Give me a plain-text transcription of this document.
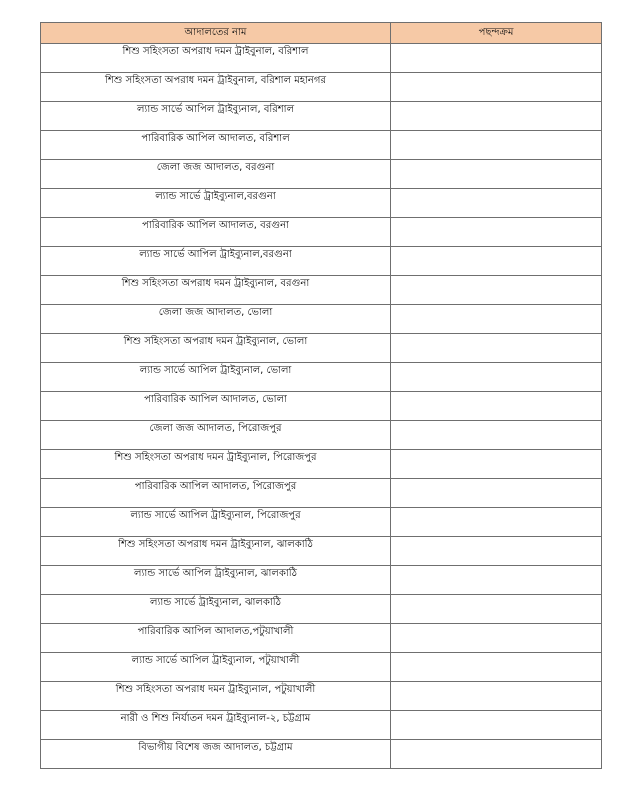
আদালতের নাম	পছন্দক্রম

শিশু সহিংসতা অপরাধ দমন ট্রাইবুনাল, বরিশাল	

শিশু সহিংসতা অপরাধ দমন ট্রাইবুনাল, বরিশাল মহানগর	

ল্যান্ড সার্ভে আপিল ট্রাইব্যুনাল, বরিশাল	

পারিবারিক আপিল আদালত, বরিশাল	

জেলা জজ আদালত, বরগুনা	

ল্যান্ড সার্ভে ট্রাইব্যুনাল,বরগুনা	

পারিবারিক আপিল আদালত, বরগুনা	

ল্যান্ড সার্ভে আপিল ট্রাইব্যুনাল,বরগুনা	

শিশু সহিংসতা অপরাধ দমন ট্রাইব্যুনাল, বরগুনা	

জেলা জজ আদালত, ভোলা	

শিশু সহিংসতা অপরাধ দমন ট্রাইব্যুনাল, ভোলা	

ল্যান্ড সার্ভে আপিল ট্রাইব্যুনাল, ভোলা	

পারিবারিক আপিল আদালত, ভোলা	

জেলা জজ আদালত, পিরোজপুর	

শিশু সহিংসতা অপরাধ দমন ট্রাইব্যুনাল, পিরোজপুর	

পারিবারিক আপিল আদালত, পিরোজপুর	

ল্যান্ড সার্ভে আপিল ট্রাইব্যুনাল, পিরোজপুর	

শিশু সহিংসতা অপরাধ দমন ট্রাইব্যুনাল, ঝালকাঠি	

ল্যান্ড সার্ভে আপিল ট্রাইব্যুনাল, ঝালকাঠি	

ল্যান্ড সার্ভে ট্রাইব্যুনাল, ঝালকাঠি	

পারিবারিক আপিল আদালত,পটুয়াখালী	

ল্যান্ড সার্ভে আপিল ট্রাইব্যুনাল, পটুয়াখালী	

শিশু সহিংসতা অপরাধ দমন ট্রাইব্যুনাল, পটুয়াখালী	

নারী ও শিশু নির্যাতন দমন ট্রাইব্যুনাল-২, চট্টগ্রাম	

বিভাগীয় বিশেষ জজ আদালত, চট্টগ্রাম	
